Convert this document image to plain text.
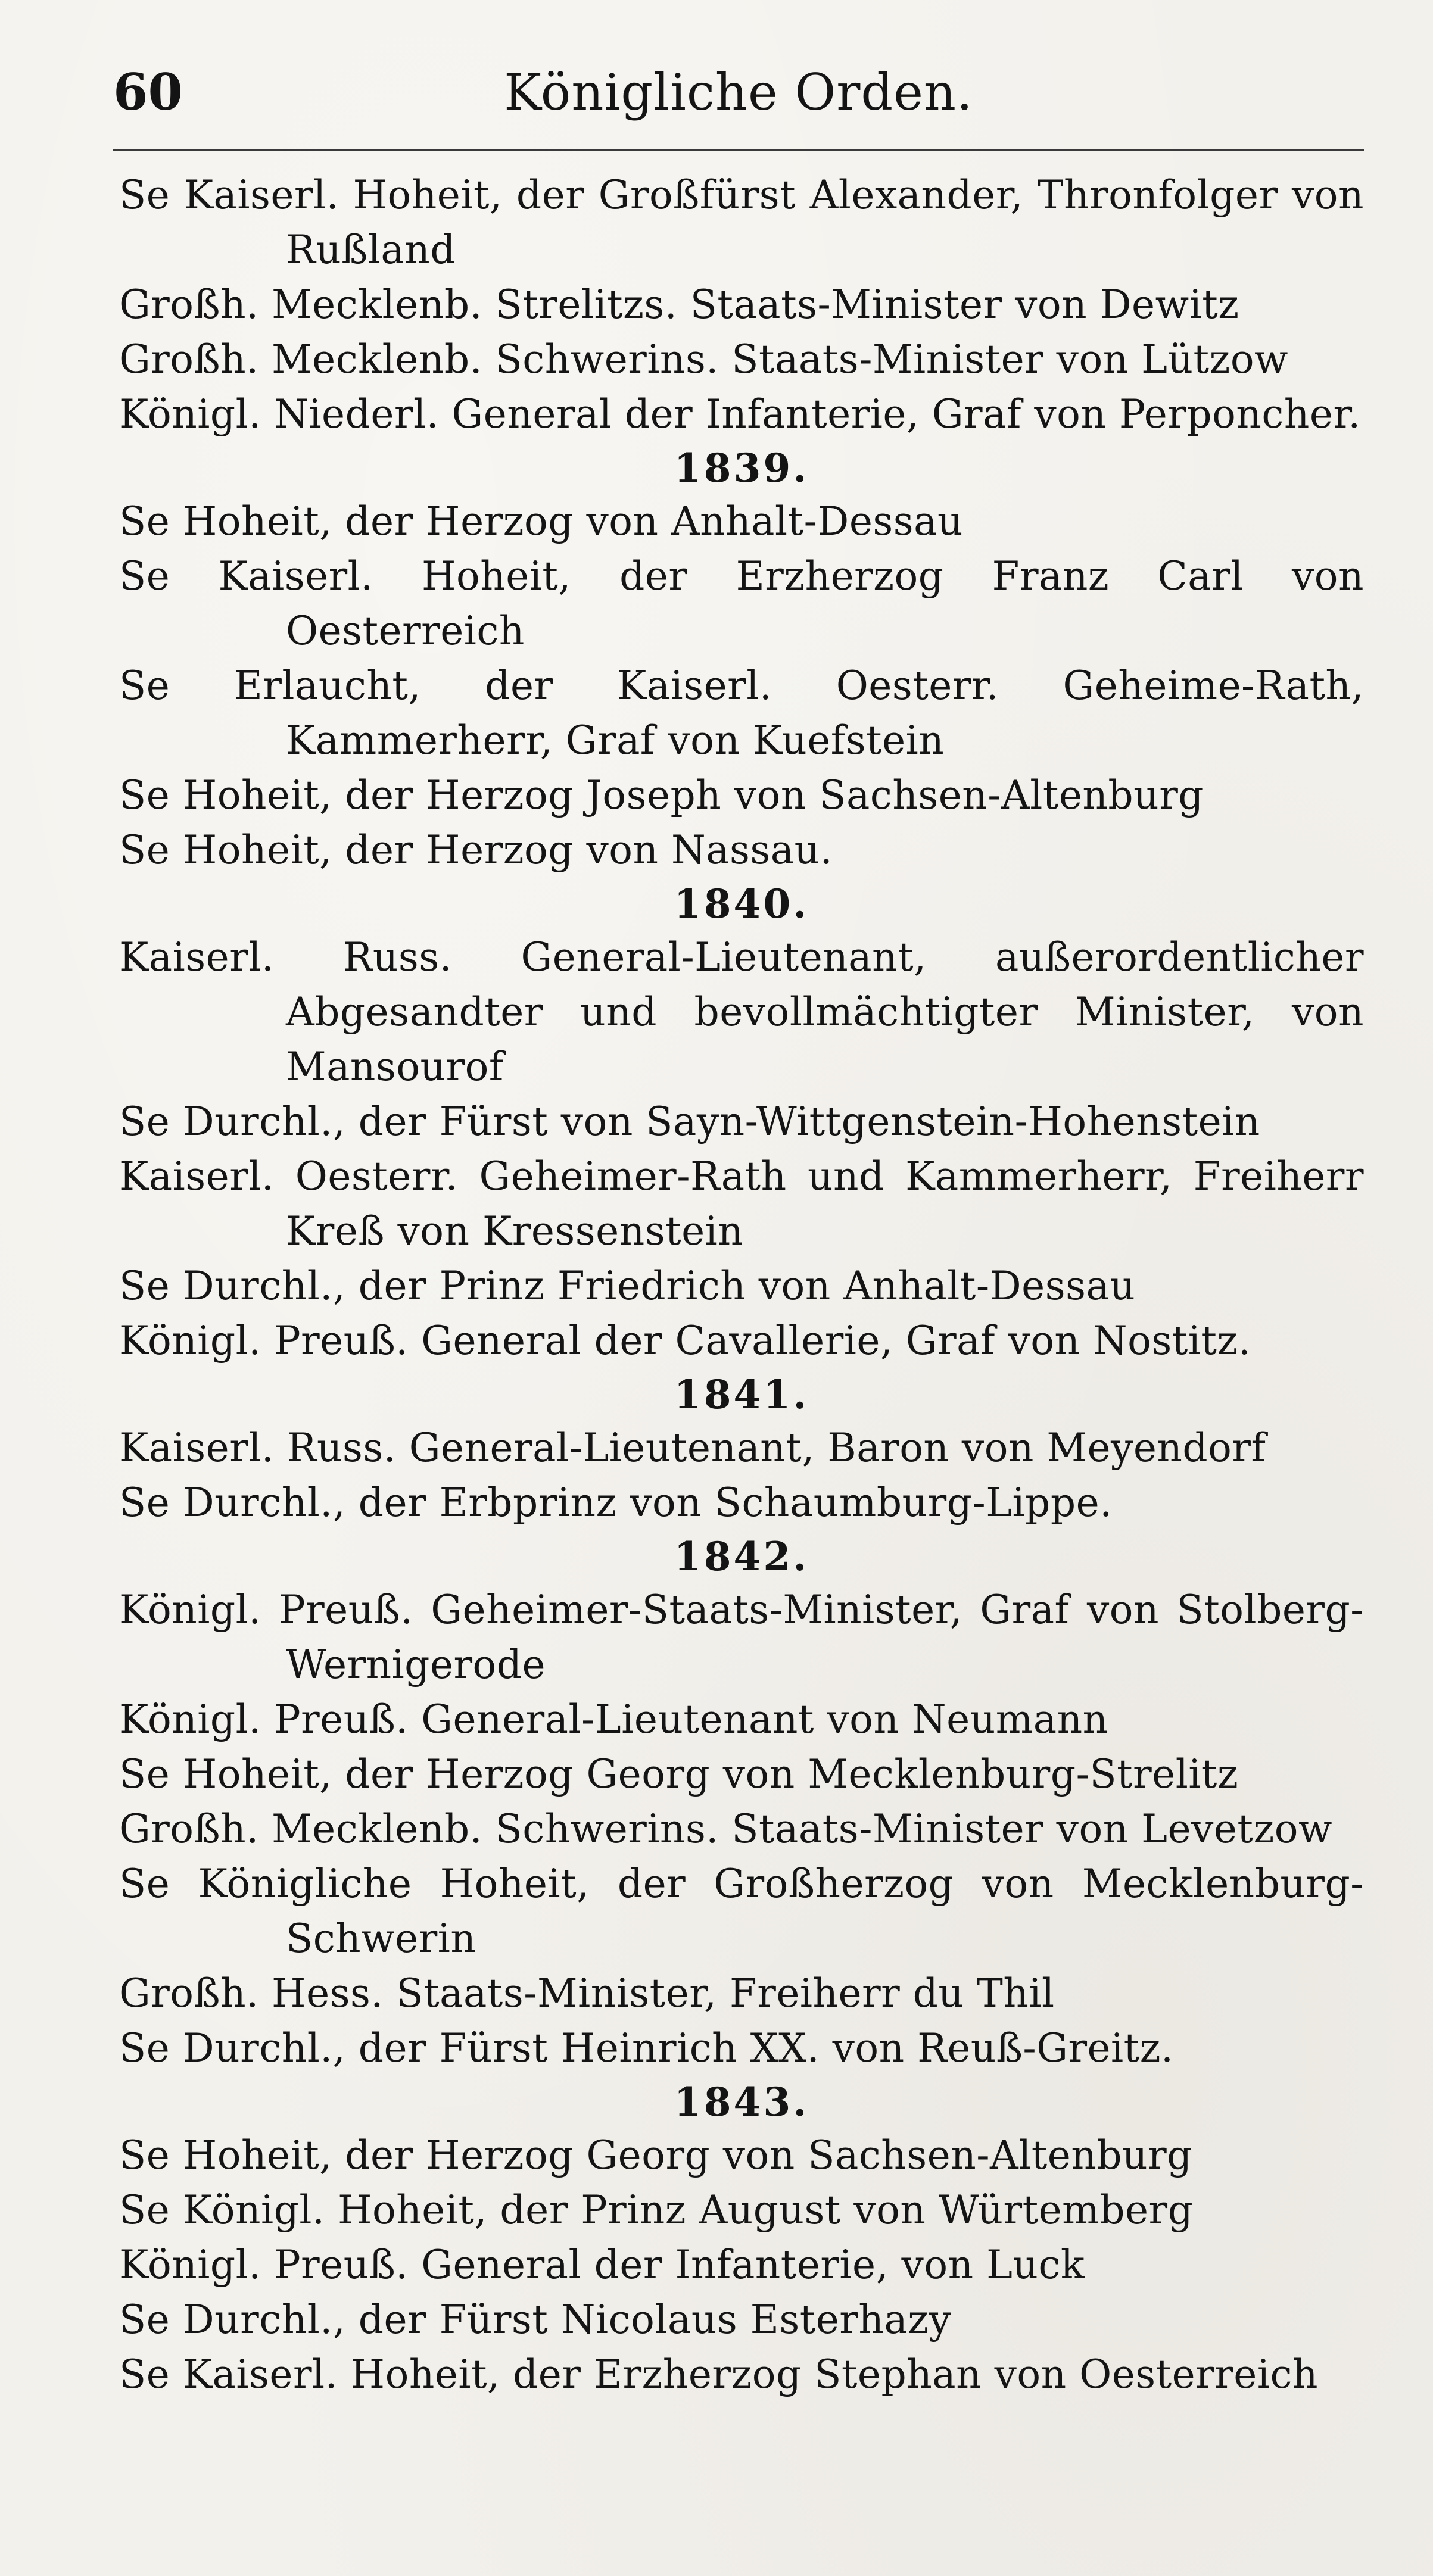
60	Königliche Orden.
Se Kaiserl. Hoheit, der Großfürst Alexander, Thronfolger von Rußland
Großh. Mecklenb. Strelitzs. Staats-Minister von Dewitz
Großh. Mecklenb. Schwerins. Staats-Minister von Lützow
Königl. Niederl. General der Infanterie, Graf von Perponcher.
1839.
Se Hoheit, der Herzog von Anhalt-Dessau
Se Kaiserl. Hoheit, der Erzherzog Franz Carl von Oesterreich
Se Erlaucht, der Kaiserl. Oesterr. Geheime-Rath, Kammerherr, Graf von Kuefstein
Se Hoheit, der Herzog Joseph von Sachsen-Altenburg
Se Hoheit, der Herzog von Nassau.
1840.
Kaiserl. Russ. General-Lieutenant, außerordentlicher Abgesandter und bevollmächtigter Minister, von Mansourof
Se Durchl., der Fürst von Sayn-Wittgenstein-Hohenstein
Kaiserl. Oesterr. Geheimer-Rath und Kammerherr, Freiherr Kreß von Kressenstein
Se Durchl., der Prinz Friedrich von Anhalt-Dessau
Königl. Preuß. General der Cavallerie, Graf von Nostitz.
1841.
Kaiserl. Russ. General-Lieutenant, Baron von Meyendorf
Se Durchl., der Erbprinz von Schaumburg-Lippe.
1842.
Königl. Preuß. Geheimer-Staats-Minister, Graf von Stolberg-Wernigerode
Königl. Preuß. General-Lieutenant von Neumann
Se Hoheit, der Herzog Georg von Mecklenburg-Strelitz
Großh. Mecklenb. Schwerins. Staats-Minister von Levetzow
Se Königliche Hoheit, der Großherzog von Mecklenburg-Schwerin
Großh. Hess. Staats-Minister, Freiherr du Thil
Se Durchl., der Fürst Heinrich XX. von Reuß-Greitz.
1843.
Se Hoheit, der Herzog Georg von Sachsen-Altenburg
Se Königl. Hoheit, der Prinz August von Würtemberg
Königl. Preuß. General der Infanterie, von Luck
Se Durchl., der Fürst Nicolaus Esterhazy
Se Kaiserl. Hoheit, der Erzherzog Stephan von Oesterreich
